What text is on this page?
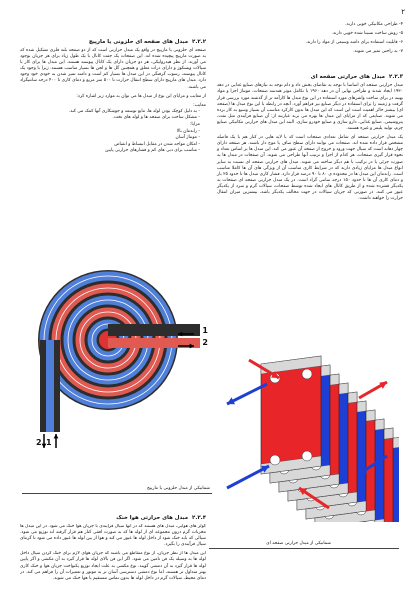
۲
۴- طراحی مکانیکی خوبی دارند.
۵- روش ساخت نسبتا شده خوبی دارند.
۶- قابلیت استفاده برای دامنه وسیعی از مواد را دارند.
۷- به راحتی تمیز می شوند.
۲.۲.۳
مبدل های حرارتی صفحه ای

مبدل حرارتی صفحه ای اساسا با توجه به تقاضای بخش داد و دام توجه به نیازهای صنایع غذایی در دهه ۱۹۳۰ ایجاد شدند و طراحی نهایی آن در دهه ۱۹۶۰ با تکامل موثر هندسه صفحات، مونتاژ اجزا و مواد بهینه در برای ساخت واشرهای مورد استفاده در این نوع مبدل ها کارآمد تر از گذشته مورد بررسی قرار گرفت و زمینه را برای استفاده در دیگر صنایع نیز فراهم آورد. آنچه در رابطه با این نوع مبدل ها (صفحه ای) بیشتر حائز اهمیت است این است که این مبدل ها بدون کارکرد مناسب آن بسیار وسیع به کار برده می شوند. صنایعی که از مزایای این مبدل ها بهره می برند عبارتند از: آن صنایع فرآیندی مثل نفت، پتروشیمی، صنایع غذایی، دارو سازی و صنایع خودرو سازی. البته این مبدل های حرارتی مکانیکی صنایع چرم، تولید پلیمر و غیره هستند.

یک مبدل حرارتی صفحه ای شامل تعدادی صفحات است که با لایه هایی در کنار هم با یک فاصله مشخص قرار داده شده اند. صفحات می توانند دارای سطح صاف یا موج دار باشند. هر صفحه دارای چهار دهانه است که سیال جهت ورود و خروج از صفحه آن عبور می کند. این مبدل ها بر اساس تعداد و نحوه قرار گیری صفحات، هر کدام از اجزا و ترتیب آنها طراحی می شوند. آن صفحات در مبدل ها به صورت جزئی یا در ترکیب با هم دیگر ساخته می شوند. مبدل های حرارتی صفحه ای نسبت به سایر انواع مبدل ها مزایای زیادی دارند که در شرایط کاری مناسب آن از ویژگی های آن ها کاملا مناسب است. راندمان این مبدل ها در محدوده ی ۸۰ تا ۹۰ درصد قرار دارد. فشار کاری مبدل ها تا حدود ۲۵ بار و دمای کاری آن ها تا حدود ۱۵۰ درجه سانتی گراد است. در یک مبدل حرارتی صفحه ای صفحات به یکدیگر فشرده شده و از طریق کانال های ایجاد شده توسط صفحات، سیالات گرم و سرد از یکدیگر عبور می کنند. در صورتی که جریان سیالات در جهت مخالف یکدیگر باشد، بیشترین میزان انتقال حرارت را خواهند داشت.

شماتیکی از مبدل حرارتی صفحه ای
۲.۲.۲
مبدل های صفحه ای حلزونی یا مارپیچ

صفحه ای حلزونی یا مارپیچ در واقع یک مبدل حرارتی است که از دو صفحه بلند فلزی تشکیل شده که به صورت مارپیچ پیچیده شده اند. این صفحات یک جفت کانال با یک طول زیاد برای هر جریان بوجود می آورند. از نظر هیدرولیکی، هر دو جریان دارای یک کانال پیوسته هستند. این مبدل ها برای کار با سیالات ویسکوز و دارای ذرات معلق و همچنین گل ها و لجن ها بسیار مناسب هستند. زیرا با وجود یک کانال پیوسته، رسوب گرفتگی در این مبدل ها بسیار کم است و دامنه تمیز شدن به خودی خود وجود دارد. مبدل های مارپیچ دارای سطح انتقال حرارت تا ۵۰۰ متر مربع و دمای کاری تا ۴۰۰ درجه سانتیگراد می باشند.

از معایب و مزایای این نوع از مبدل ها می توان به موارد زیر اشاره کرد:

معایب:

- به دلیل کوچک بودن لوله ها، مانع توسعه و جوشکاری آنها کمک می کند.
- مشکل ساخت برای صفحه ها و لوله های تخت.
مزایا:
- راندمان بالا
- مونتاژ آسان
- امکان مواجه شدن در مقابل انبساط و انقباض
- مناسب برای دبی های کم و فشارهای حرارتی پایین
1
2
2 1
شماتیکی از مبدل حلزونی یا مارپیچ
۲.۲.۴
مبدل های حرارتی هوا خنک

کولر های هوایی، مبدل های هستند که در آنها سیال فرآیندی با جریان هوا خنک می شود. در این مبدل ها مخزنات گرم درون مجموعه ای از لوله ها که به صورت افقی کنار هم قرار گرفته اند توزیع می شود. سیالی که باید خنک شود از داخل لوله ها عبور می کند و هوا از بین لوله ها عبور داده می شود تا گرمای سیال فرآیندی را بگیرد.

این مبدل ها از نظر جریان، از نوع متقاطع می باشند که جریان هوای لازم برای خنک کردن سیال داخل لوله ها به وسیله یک فن تامین می شود. اگر این فن بالای لوله ها قرار گیرد به آن مکشی و اگر پایین لوله ها قرار گیرد به آن دمشی گویند. نوع مکشی به علت ایجاد توزیع یکنواخت جریان هوا و خنک کاری بهتر متداول تر هستند، اما نوع دمشی دسترسی آسان تر به موتور و تعمیرات آن را فراهم می کند. در دمای محیط، سیالات گرم در داخل لوله ها بدون تماس مستقیم با هوا خنک می شوند.
